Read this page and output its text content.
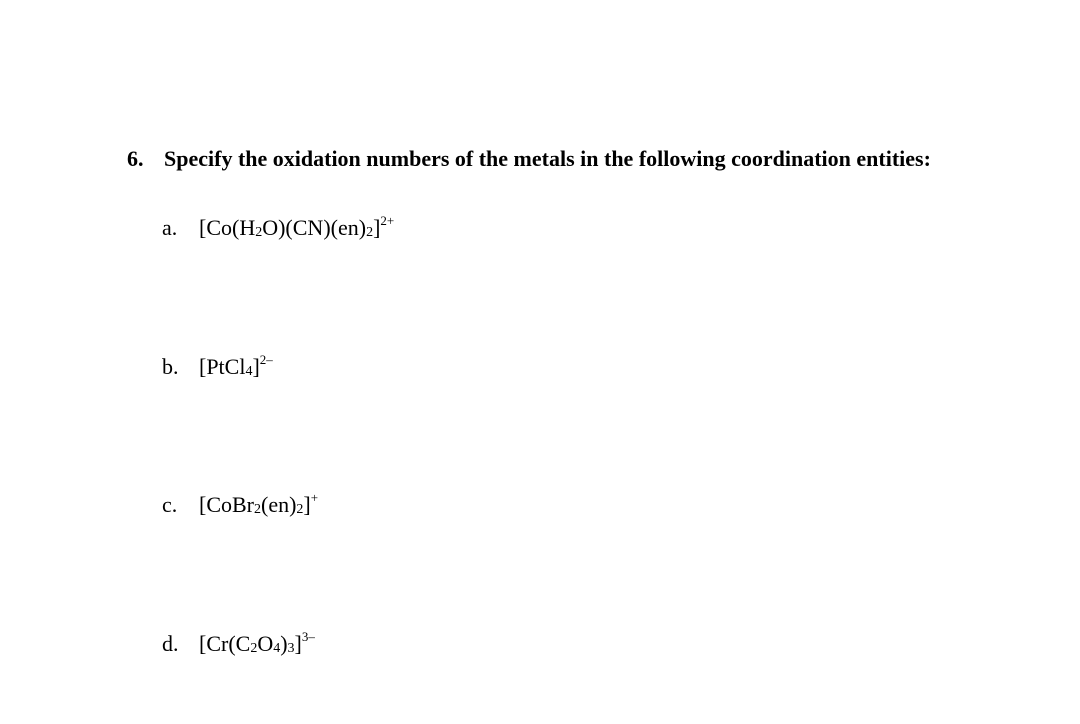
6. Specify the oxidation numbers of the metals in the following coordination entities:
a. $[Co(H_2O)(CN)(en)_2]^{2+}$
b. [PtCl$_4$]$^{2-}$
c. $[CoBr_2(en)_2]^+$
d. $[Cr(C_2O_4)_3]^{3-}$
